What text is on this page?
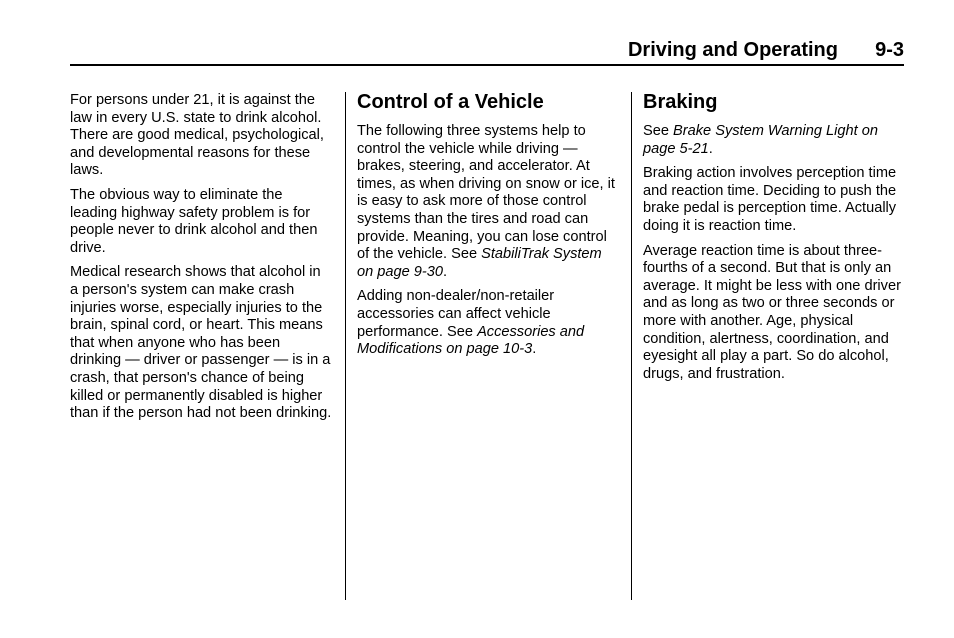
Driving and Operating 9-3

For persons under 21, it is against the law in every U.S. state to drink alcohol. There are good medical, psychological, and developmental reasons for these laws.

The obvious way to eliminate the leading highway safety problem is for people never to drink alcohol and then drive.

Medical research shows that alcohol in a person's system can make crash injuries worse, especially injuries to the brain, spinal cord, or heart. This means that when anyone who has been drinking — driver or passenger — is in a crash, that person's chance of being killed or permanently disabled is higher than if the person had not been drinking.

Control of a Vehicle

The following three systems help to control the vehicle while driving — brakes, steering, and accelerator. At times, as when driving on snow or ice, it is easy to ask more of those control systems than the tires and road can provide. Meaning, you can lose control of the vehicle. See StabiliTrak System on page 9-30.

Adding non-dealer/non-retailer accessories can affect vehicle performance. See Accessories and Modifications on page 10-3.

Braking

See Brake System Warning Light on page 5-21.

Braking action involves perception time and reaction time. Deciding to push the brake pedal is perception time. Actually doing it is reaction time.

Average reaction time is about three-fourths of a second. But that is only an average. It might be less with one driver and as long as two or three seconds or more with another. Age, physical condition, alertness, coordination, and eyesight all play a part. So do alcohol, drugs, and frustration.
